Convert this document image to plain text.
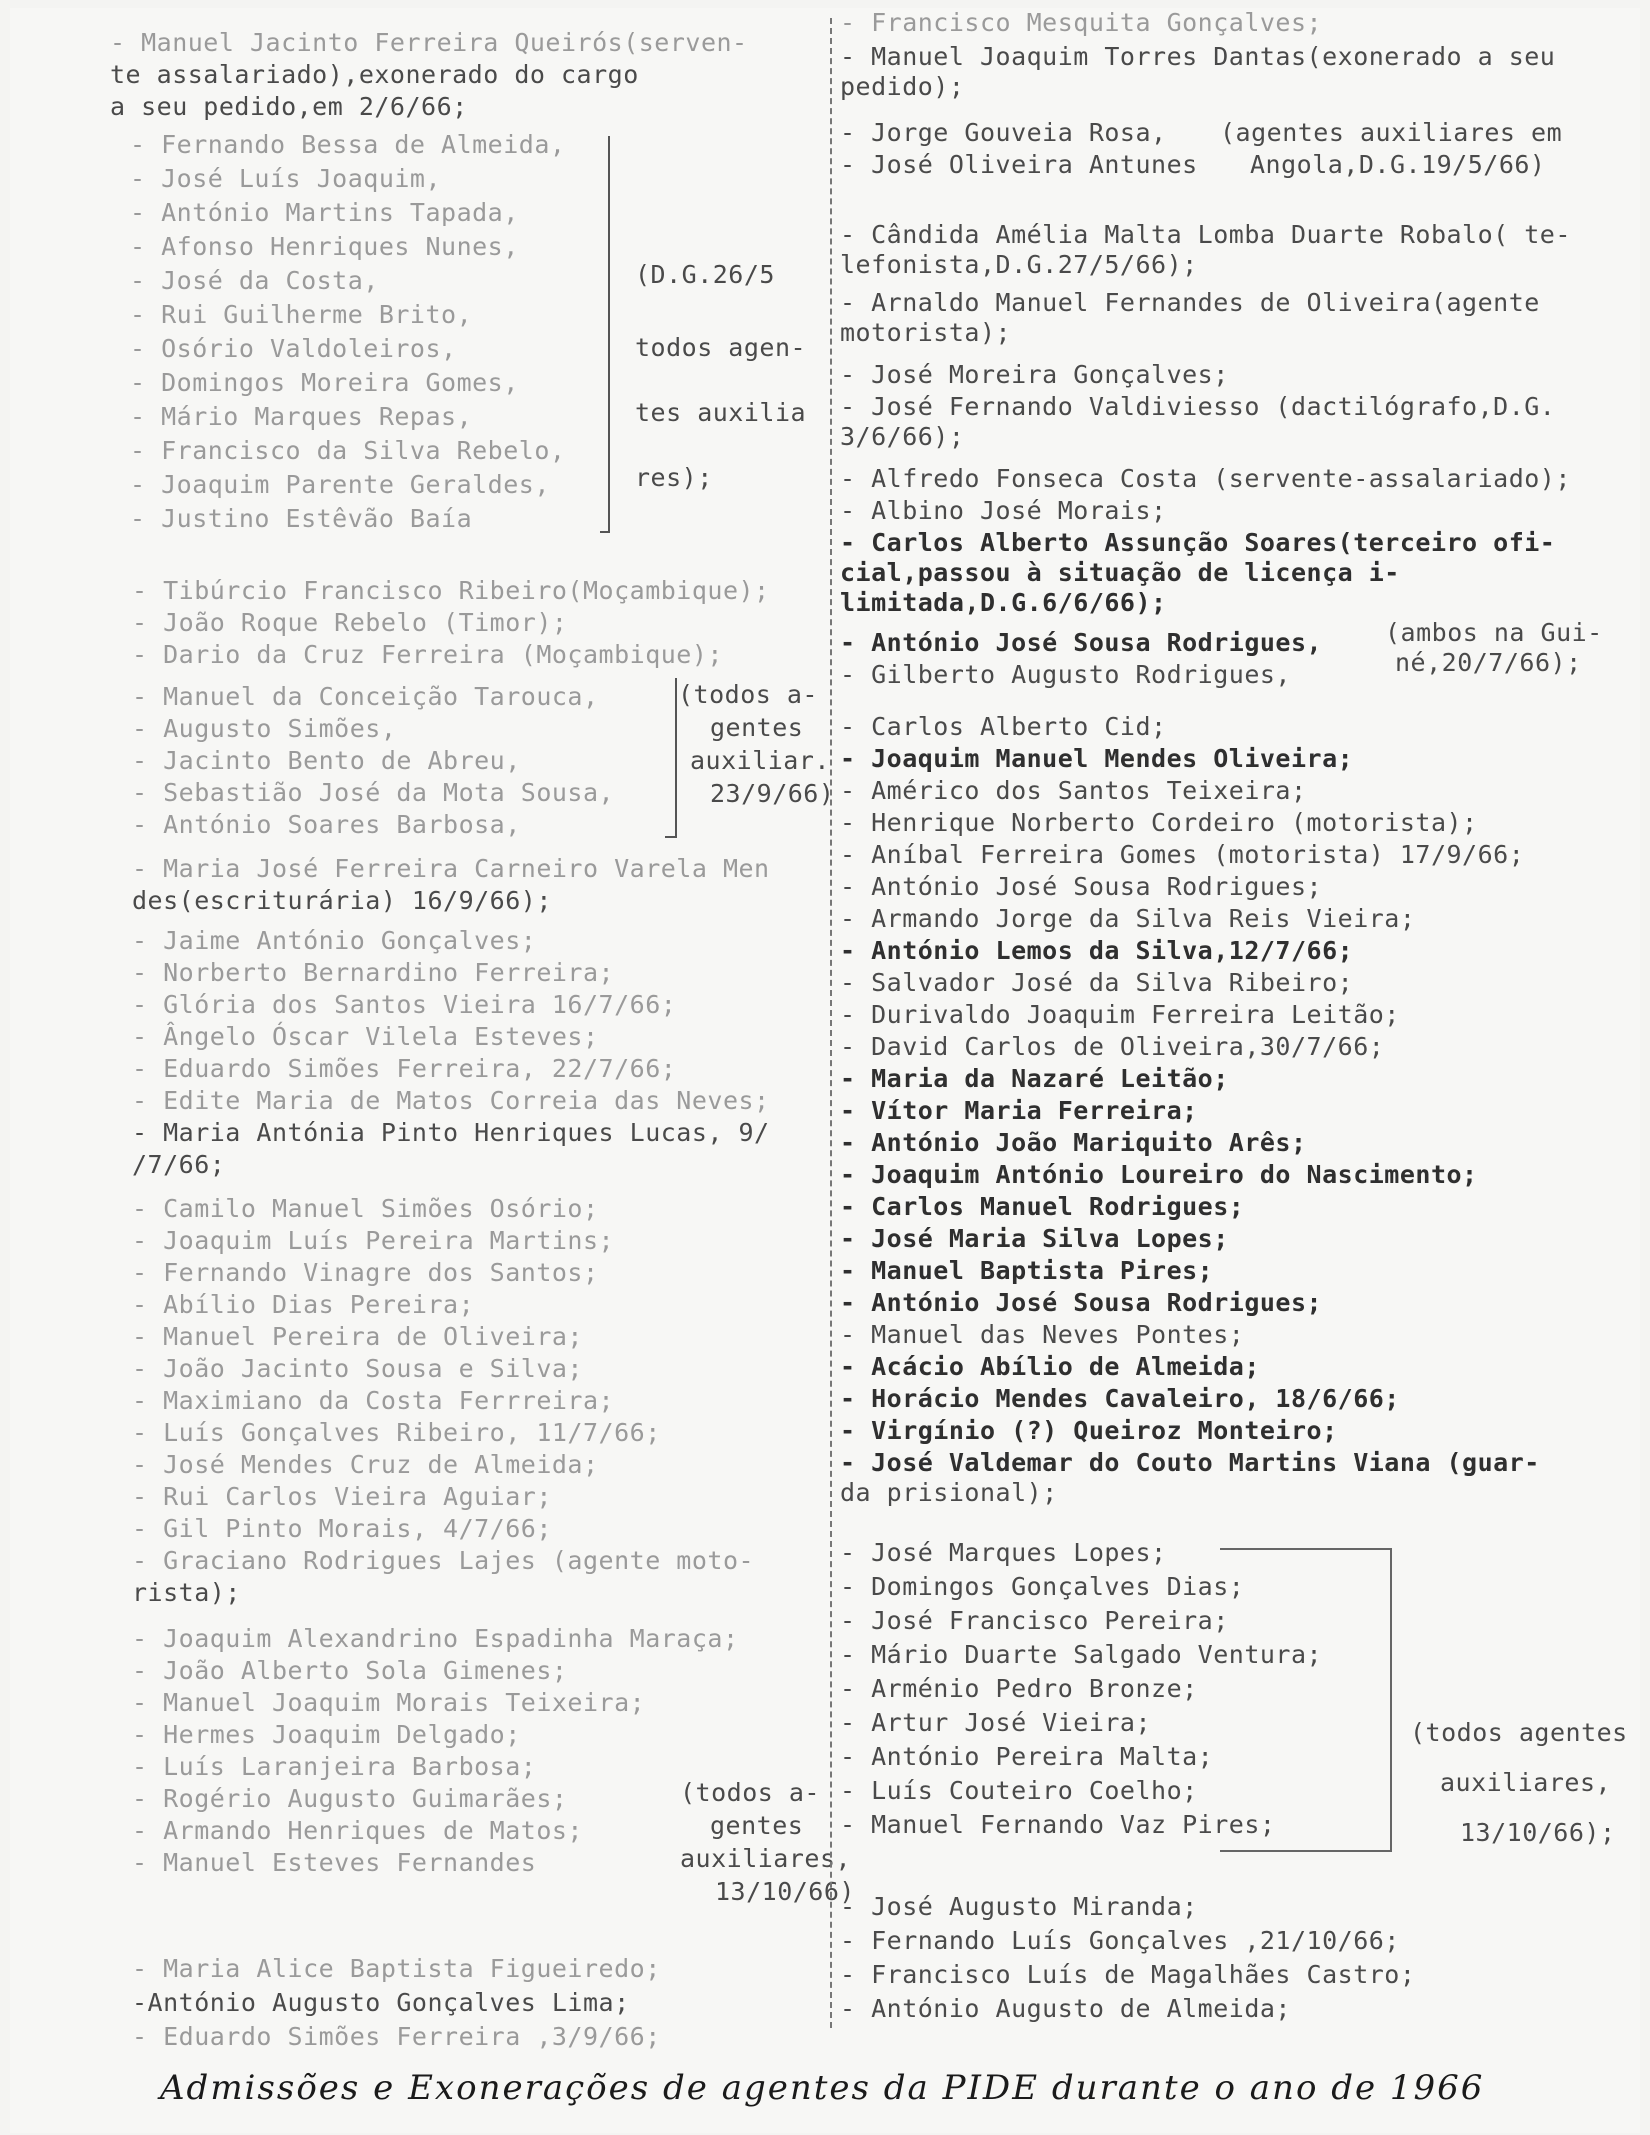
- Manuel Jacinto Ferreira Queirós(serven-
te assalariado),exonerado do cargo
a seu pedido,em 2/6/66;
- Fernando Bessa de Almeida,
- José Luís Joaquim,
- António Martins Tapada,
- Afonso Henriques Nunes,
- José da Costa,
- Rui Guilherme Brito,
- Osório Valdoleiros,
- Domingos Moreira Gomes,
- Mário Marques Repas,
- Francisco da Silva Rebelo,
- Joaquim Parente Geraldes,
- Justino Estêvão Baía
(D.G.26/5
todos agen-
tes auxilia
res);
- Tibúrcio Francisco Ribeiro(Moçambique);
- João Roque Rebelo (Timor);
- Dario da Cruz Ferreira (Moçambique);
- Manuel da Conceição Tarouca,
- Augusto Simões,
- Jacinto Bento de Abreu,
- Sebastião José da Mota Sousa,
- António Soares Barbosa,
(todos a-
gentes
auxiliar.
23/9/66)
- Maria José Ferreira Carneiro Varela Men
des(escriturária) 16/9/66);
- Jaime António Gonçalves;
- Norberto Bernardino Ferreira;
- Glória dos Santos Vieira 16/7/66;
- Ângelo Óscar Vilela Esteves;
- Eduardo Simões Ferreira, 22/7/66;
- Edite Maria de Matos Correia das Neves;
- Maria Antónia Pinto Henriques Lucas, 9/
/7/66;
- Camilo Manuel Simões Osório;
- Joaquim Luís Pereira Martins;
- Fernando Vinagre dos Santos;
- Abílio Dias Pereira;
- Manuel Pereira de Oliveira;
- João Jacinto Sousa e Silva;
- Maximiano da Costa Ferrreira;
- Luís Gonçalves Ribeiro, 11/7/66;
- José Mendes Cruz de Almeida;
- Rui Carlos Vieira Aguiar;
- Gil Pinto Morais, 4/7/66;
- Graciano Rodrigues Lajes (agente moto-
rista);
- Joaquim Alexandrino Espadinha Maraça;
- João Alberto Sola Gimenes;
- Manuel Joaquim Morais Teixeira;
- Hermes Joaquim Delgado;
- Luís Laranjeira Barbosa;
- Rogério Augusto Guimarães;
- Armando Henriques de Matos;
- Manuel Esteves Fernandes
(todos a-
gentes
auxiliares,
13/10/66)
- Maria Alice Baptista Figueiredo;
-António Augusto Gonçalves Lima;
- Eduardo Simões Ferreira ,3/9/66;
- Francisco Mesquita Gonçalves;
- Manuel Joaquim Torres Dantas(exonerado a seu
pedido);
- Jorge Gouveia Rosa,
- José Oliveira Antunes
(agentes auxiliares em
Angola,D.G.19/5/66)
- Cândida Amélia Malta Lomba Duarte Robalo( te-
lefonista,D.G.27/5/66);
- Arnaldo Manuel Fernandes de Oliveira(agente
motorista);
- José Moreira Gonçalves;
- José Fernando Valdiviesso (dactilógrafo,D.G.
3/6/66);
- Alfredo Fonseca Costa (servente-assalariado);
- Albino José Morais;
- Carlos Alberto Assunção Soares(terceiro ofi-
cial,passou à situação de licença i-
limitada,D.G.6/6/66);
- António José Sousa Rodrigues,
- Gilberto Augusto Rodrigues,
(ambos na Gui-
né,20/7/66);
- Carlos Alberto Cid;
- Joaquim Manuel Mendes Oliveira;
- Américo dos Santos Teixeira;
- Henrique Norberto Cordeiro (motorista);
- Aníbal Ferreira Gomes (motorista) 17/9/66;
- António José Sousa Rodrigues;
- Armando Jorge da Silva Reis Vieira;
- António Lemos da Silva,12/7/66;
- Salvador José da Silva Ribeiro;
- Durivaldo Joaquim Ferreira Leitão;
- David Carlos de Oliveira,30/7/66;
- Maria da Nazaré Leitão;
- Vítor Maria Ferreira;
- António João Mariquito Arês;
- Joaquim António Loureiro do Nascimento;
- Carlos Manuel Rodrigues;
- José Maria Silva Lopes;
- Manuel Baptista Pires;
- António José Sousa Rodrigues;
- Manuel das Neves Pontes;
- Acácio Abílio de Almeida;
- Horácio Mendes Cavaleiro, 18/6/66;
- Virgínio (?) Queiroz Monteiro;
- José Valdemar do Couto Martins Viana (guar-
da prisional);
- José Marques Lopes;
- Domingos Gonçalves Dias;
- José Francisco Pereira;
- Mário Duarte Salgado Ventura;
- Arménio Pedro Bronze;
- Artur José Vieira;
- António Pereira Malta;
- Luís Couteiro Coelho;
- Manuel Fernando Vaz Pires;
(todos agentes
auxiliares,
13/10/66);
- José Augusto Miranda;
- Fernando Luís Gonçalves ,21/10/66;
- Francisco Luís de Magalhães Castro;
- António Augusto de Almeida;
Admissões e Exonerações de agentes da PIDE durante o ano de 1966
